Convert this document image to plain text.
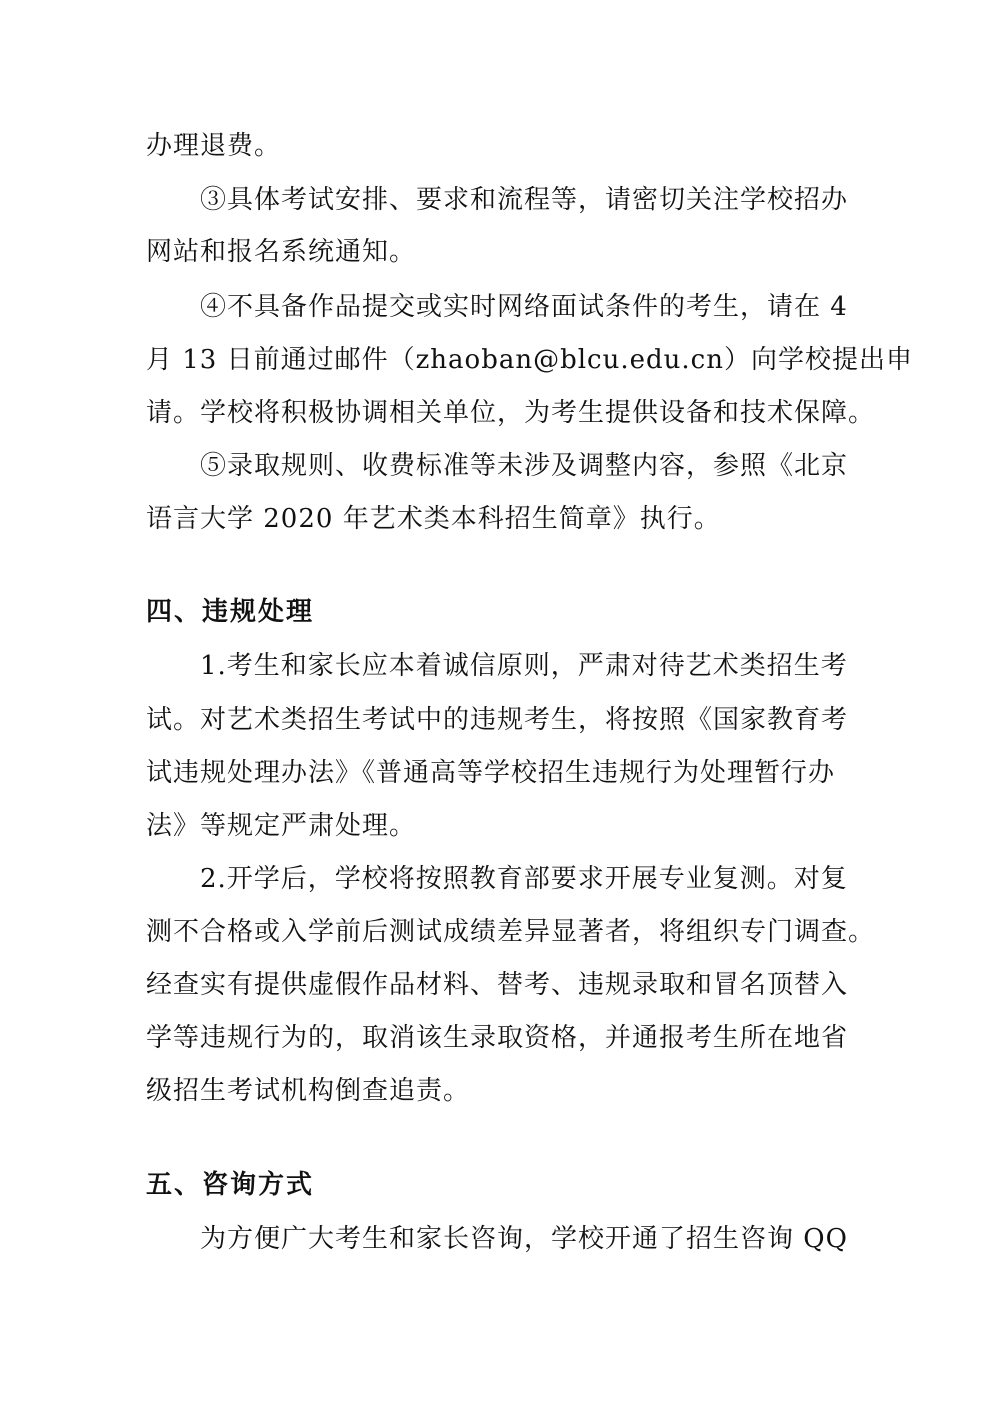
办理退费。
③具体考试安排、要求和流程等，请密切关注学校招办
网站和报名系统通知。
④不具备作品提交或实时网络面试条件的考生，请在 4
月 13 日前通过邮件（zhaoban@blcu.edu.cn）向学校提出申
请。学校将积极协调相关单位，为考生提供设备和技术保障。
⑤录取规则、收费标准等未涉及调整内容，参照《北京
语言大学 2020 年艺术类本科招生简章》执行。
四、违规处理
1.考生和家长应本着诚信原则，严肃对待艺术类招生考
试。对艺术类招生考试中的违规考生，将按照《国家教育考
试违规处理办法》《普通高等学校招生违规行为处理暂行办
法》等规定严肃处理。
2.开学后，学校将按照教育部要求开展专业复测。对复
测不合格或入学前后测试成绩差异显著者，将组织专门调查。
经查实有提供虚假作品材料、替考、违规录取和冒名顶替入
学等违规行为的，取消该生录取资格，并通报考生所在地省
级招生考试机构倒查追责。
五、咨询方式
为方便广大考生和家长咨询，学校开通了招生咨询 QQ
